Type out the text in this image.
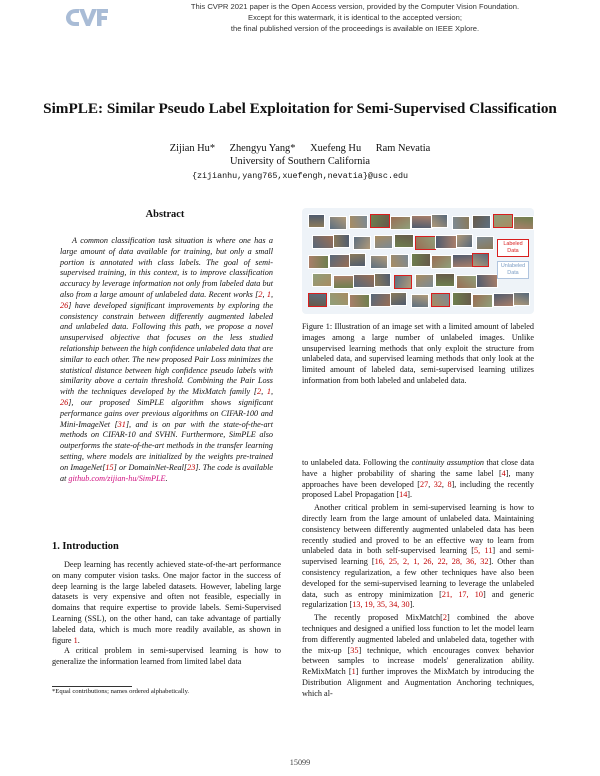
This CVPR 2021 paper is the Open Access version, provided by the Computer Vision Foundation.
Except for this watermark, it is identical to the accepted version;
the final published version of the proceedings is available on IEEE Xplore.
SimPLE: Similar Pseudo Label Exploitation for Semi-Supervised Classification
Zijian Hu* Zhengyu Yang* Xuefeng Hu Ram Nevatia
University of Southern California
{zijianhu,yang765,xuefengh,nevatia}@usc.edu
Abstract

A common classification task situation is where one has a large amount of data available for training, but only a small portion is annotated with class labels. The goal of semi-supervised training, in this context, is to improve classification accuracy by leverage information not only from labeled data but also from a large amount of unlabeled data. Recent works [2, 1, 26] have developed significant improvements by exploring the consistency constrain between differently augmented labeled and unlabeled data. Following this path, we propose a novel unsupervised objective that focuses on the less studied relationship between the high confidence unlabeled data that are similar to each other. The new proposed Pair Loss minimizes the statistical distance between high confidence pseudo labels with similarity above a certain threshold. Combining the Pair Loss with the techniques developed by the MixMatch family [2, 1, 26], our proposed SimPLE algorithm shows significant performance gains over previous algorithms on CIFAR-100 and Mini-ImageNet [31], and is on par with the state-of-the-art methods on CIFAR-10 and SVHN. Furthermore, SimPLE also outperforms the state-of-the-art methods in the transfer learning setting, where models are initialized by the weights pre-trained on ImageNet[15] or DomainNet-Real[23]. The code is available at github.com/zijian-hu/SimPLE.

1. Introduction

Deep learning has recently achieved state-of-the-art performance on many computer vision tasks. One major factor in the success of deep learning is the large labeled datasets. However, labeling large datasets is very expensive and often not feasible, especially in domains that require expertise to provide labels. Semi-Supervised Learning (SSL), on the other hand, can take advantage of partially labeled data, which is much more readily available, as shown in figure 1.

A critical problem in semi-supervised learning is how to generalize the information learned from limited label data

*Equal contributions; names ordered alphabetically.
Labeled Data
Unlabeled Data

Figure 1: Illustration of an image set with a limited amount of labeled images among a large number of unlabeled images. Unlike unsupervised learning methods that only exploit the structure from unlabeled data, and supervised learning methods that only look at the limited amount of labeled data, semi-supervised learning utilizes information from both labeled and unlabeled data.

to unlabeled data. Following the continuity assumption that close data have a higher probability of sharing the same label [4], many approaches have been developed [27, 32, 8], including the recently proposed Label Propagation [14].

Another critical problem in semi-supervised learning is how to directly learn from the large amount of unlabeled data. Maintaining consistency between differently augmented unlabeled data has been recently studied and proved to be an effective way to learn from unlabeled data in both self-supervised learning [5, 11] and semi-supervised learning [16, 25, 2, 1, 26, 22, 28, 36, 32]. Other than consistency regularization, a few other techniques have also been developed for the semi-supervised learning to leverage the unlabeled data, such as entropy minimization [21, 17, 10] and generic regularization [13, 19, 35, 34, 30].

The recently proposed MixMatch[2] combined the above techniques and designed a unified loss function to let the model learn from differently augmented labeled and unlabeled data, together with the mix-up [35] technique, which encourages convex behavior between samples to increase models' generalization ability. ReMixMatch [1] further improves the MixMatch by introducing the Distribution Alignment and Augmentation Anchoring techniques, which al-

15099
